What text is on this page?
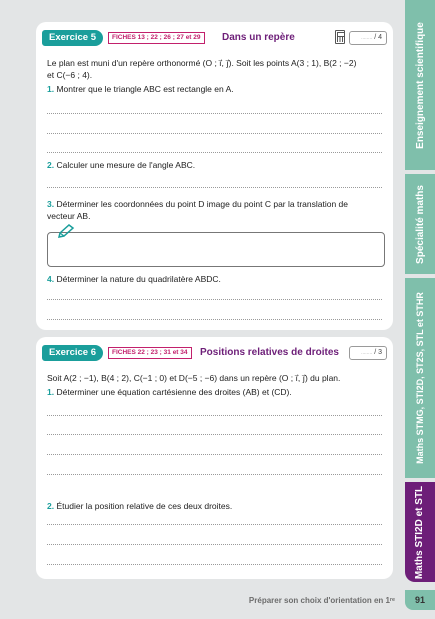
Exercice 5	FICHES 13 ; 22 ; 26 ; 27 et 29	Dans un repère	........ / 4
Le plan est muni d'un repère orthonormé (O ; i⃗, j⃗). Soit les points A(3 ; 1), B(2 ; −2)
et C(−6 ; 4).
1. Montrer que le triangle ABC est rectangle en A.
2. Calculer une mesure de l'angle ABC.
3. Déterminer les coordonnées du point D image du point C par la translation de
vecteur AB.
4. Déterminer la nature du quadrilatère ABDC.
Exercice 6	FICHES 22 ; 23 ; 31 et 34	Positions relatives de droites	........ / 3
Soit A(2 ; −1), B(4 ; 2), C(−1 ; 0) et D(−5 ; −6) dans un repère (O ; i⃗, j⃗) du plan.
1. Déterminer une équation cartésienne des droites (AB) et (CD).
2. Étudier la position relative de ces deux droites.
Enseignement scientifique
Spécialité maths
Maths STMG, STI2D, ST2S, STL et STHR
Maths STI2D et STL
Préparer son choix d'orientation en 1ʳᵉ	91
